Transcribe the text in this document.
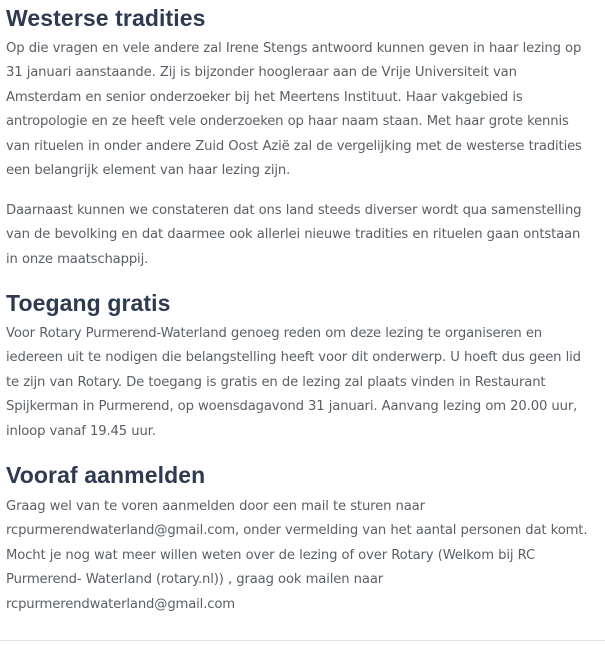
Westerse tradities

Op die vragen en vele andere zal Irene Stengs antwoord kunnen geven in haar lezing op 31 januari aanstaande. Zij is bijzonder hoogleraar aan de Vrije Universiteit van Amsterdam en senior onderzoeker bij het Meertens Instituut. Haar vakgebied is antropologie en ze heeft vele onderzoeken op haar naam staan. Met haar grote kennis van rituelen in onder andere Zuid Oost Azië zal de vergelijking met de westerse tradities een belangrijk element van haar lezing zijn.

Daarnaast kunnen we constateren dat ons land steeds diverser wordt qua samenstelling van de bevolking en dat daarmee ook allerlei nieuwe tradities en rituelen gaan ontstaan in onze maatschappij.

Toegang gratis

Voor Rotary Purmerend-Waterland genoeg reden om deze lezing te organiseren en iedereen uit te nodigen die belangstelling heeft voor dit onderwerp. U hoeft dus geen lid te zijn van Rotary. De toegang is gratis en de lezing zal plaats vinden in Restaurant Spijkerman in Purmerend, op woensdagavond 31 januari. Aanvang lezing om 20.00 uur, inloop vanaf 19.45 uur.

Vooraf aanmelden

Graag wel van te voren aanmelden door een mail te sturen naar rcpurmerendwaterland@gmail.com, onder vermelding van het aantal personen dat komt. Mocht je nog wat meer willen weten over de lezing of over Rotary (Welkom bij RC Purmerend- Waterland (rotary.nl)) , graag ook mailen naar rcpurmerendwaterland@gmail.com
